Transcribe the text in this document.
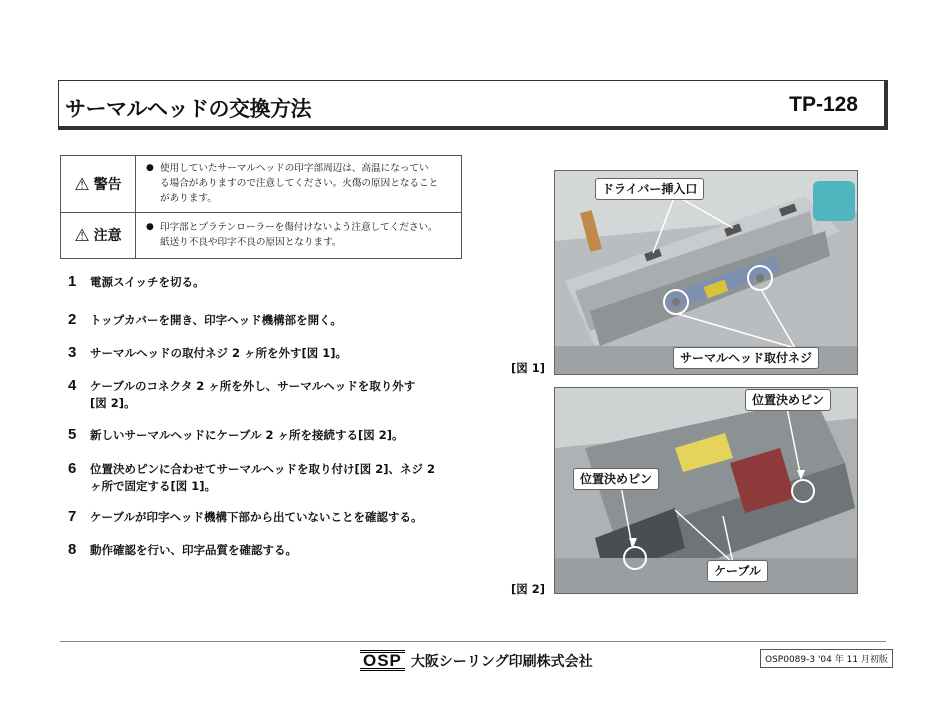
サーマルヘッドの交換方法	TP-128
⚠ 警告	● 使用していたサーマルヘッドの印字部周辺は、高温になってい
る場合がありますので注意してください。火傷の原因となること
があります。

⚠ 注意	● 印字部とプラテンローラーを傷付けないよう注意してください。
紙送り不良や印字不良の原因となります。
1	電源スイッチを切る。
2	トップカバーを開き、印字ヘッド機構部を開く。
3	サーマルヘッドの取付ネジ 2 ヶ所を外す[図 1]。
4	ケーブルのコネクタ 2 ヶ所を外し、サーマルヘッドを取り外す
[図 2]。
5	新しいサーマルヘッドにケーブル 2 ヶ所を接続する[図 2]。
6	位置決めピンに合わせてサーマルヘッドを取り付け[図 2]、ネジ 2
ヶ所で固定する[図 1]。
7	ケーブルが印字ヘッド機構下部から出ていないことを確認する。
8	動作確認を行い、印字品質を確認する。
ドライバー挿入口
サーマルヘッド取付ネジ
[図 1]
位置決めピン
位置決めピン
ケーブル
[図 2]
OSP 大阪シーリング印刷株式会社	OSP0089-3 '04 年 11 月初版
